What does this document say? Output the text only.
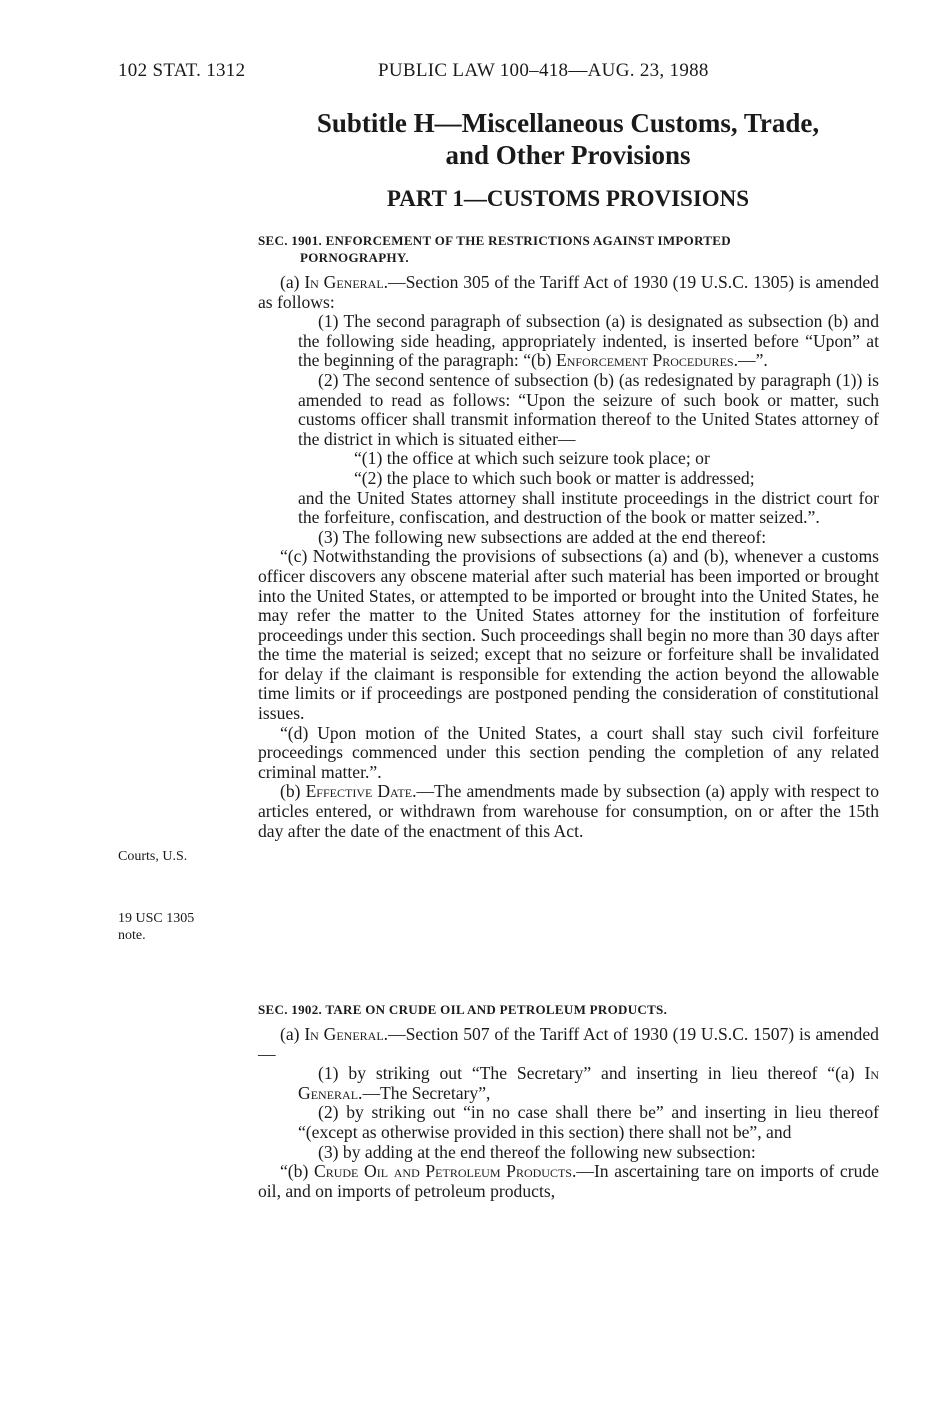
102 STAT. 1312	PUBLIC LAW 100–418—AUG. 23, 1988
Subtitle H—Miscellaneous Customs, Trade,
and Other Provisions
PART 1—CUSTOMS PROVISIONS
SEC. 1901. ENFORCEMENT OF THE RESTRICTIONS AGAINST IMPORTED
PORNOGRAPHY.

(a) In General.—Section 305 of the Tariff Act of 1930 (19 U.S.C. 1305) is amended as follows:

(1) The second paragraph of subsection (a) is designated as subsection (b) and the following side heading, appropriately indented, is inserted before “Upon” at the beginning of the paragraph: “(b) Enforcement Procedures.—”.

(2) The second sentence of subsection (b) (as redesignated by paragraph (1)) is amended to read as follows: “Upon the seizure of such book or matter, such customs officer shall transmit information thereof to the United States attorney of the district in which is situated either—

“(1) the office at which such seizure took place; or

“(2) the place to which such book or matter is addressed;

and the United States attorney shall institute proceedings in the district court for the forfeiture, confiscation, and destruction of the book or matter seized.”.

(3) The following new subsections are added at the end thereof:

“(c) Notwithstanding the provisions of subsections (a) and (b), whenever a customs officer discovers any obscene material after such material has been imported or brought into the United States, or attempted to be imported or brought into the United States, he may refer the matter to the United States attorney for the institution of forfeiture proceedings under this section. Such proceedings shall begin no more than 30 days after the time the material is seized; except that no seizure or forfeiture shall be invalidated for delay if the claimant is responsible for extending the action beyond the allowable time limits or if proceedings are postponed pending the consideration of constitutional issues.

“(d) Upon motion of the United States, a court shall stay such civil forfeiture proceedings commenced under this section pending the completion of any related criminal matter.”.

(b) Effective Date.—The amendments made by subsection (a) apply with respect to articles entered, or withdrawn from warehouse for consumption, on or after the 15th day after the date of the enactment of this Act.

SEC. 1902. TARE ON CRUDE OIL AND PETROLEUM PRODUCTS.

(a) In General.—Section 507 of the Tariff Act of 1930 (19 U.S.C. 1507) is amended—

(1) by striking out “The Secretary” and inserting in lieu thereof “(a) In General.—The Secretary”,

(2) by striking out “in no case shall there be” and inserting in lieu thereof “(except as otherwise provided in this section) there shall not be”, and

(3) by adding at the end thereof the following new subsection:

“(b) Crude Oil and Petroleum Products.—In ascertaining tare on imports of crude oil, and on imports of petroleum products,

Courts, U.S.
19 USC 1305
note.
